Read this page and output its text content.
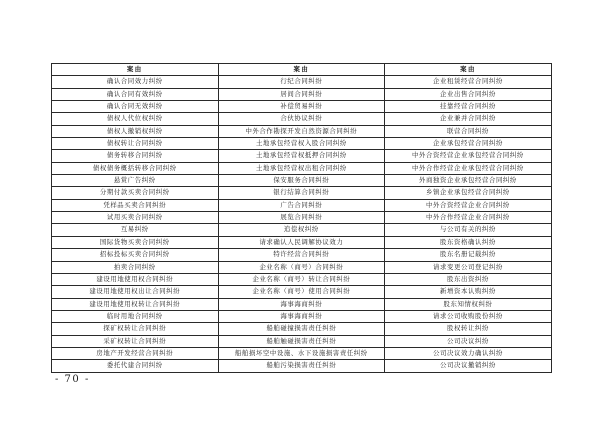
案由	案由	案由
确认合同效力纠纷	行纪合同纠纷	企业租赁经营合同纠纷
确认合同有效纠纷	居间合同纠纷	企业出售合同纠纷
确认合同无效纠纷	补偿贸易纠纷	挂靠经营合同纠纷
债权人代位权纠纷	合伙协议纠纷	企业兼并合同纠纷
债权人撤销权纠纷	中外合作勘探开发自然资源合同纠纷	联营合同纠纷
债权转让合同纠纷	土地承包经营权入股合同纠纷	企业承包经营合同纠纷
债务转移合同纠纷	土地承包经营权抵押合同纠纷	中外合资经营企业承包经营合同纠纷
债权债务概括转移合同纠纷	土地承包经营权出租合同纠纷	中外合作经营企业承包经营合同纠纷
悬赏广告纠纷	保安服务合同纠纷	外商独资企业承包经营合同纠纷
分期付款买卖合同纠纷	银行结算合同纠纷	乡镇企业承包经营合同纠纷
凭样品买卖合同纠纷	广告合同纠纷	中外合资经营企业合同纠纷
试用买卖合同纠纷	展览合同纠纷	中外合作经营企业合同纠纷
互易纠纷	追偿权纠纷	与公司有关的纠纷
国际货物买卖合同纠纷	请求确认人民调解协议效力	股东资格确认纠纷
招标投标买卖合同纠纷	特许经营合同纠纷	股东名册记载纠纷
拍卖合同纠纷	企业名称（商号）合同纠纷	请求变更公司登记纠纷
建设用地使用权合同纠纷	企业名称（商号）转让合同纠纷	股东出资纠纷
建设用地使用权出让合同纠纷	企业名称（商号）使用合同纠纷	新增资本认购纠纷
建设用地使用权转让合同纠纷	海事海商纠纷	股东知情权纠纷
临时用地合同纠纷	海事海商纠纷	请求公司收购股份纠纷
探矿权转让合同纠纷	船舶碰撞损害责任纠纷	股权转让纠纷
采矿权转让合同纠纷	船舶触碰损害责任纠纷	公司决议纠纷
房地产开发经营合同纠纷	船舶损坏空中设施、水下设施损害责任纠纷	公司决议效力确认纠纷
委托代建合同纠纷	船舶污染损害责任纠纷	公司决议撤销纠纷
- 70 -
